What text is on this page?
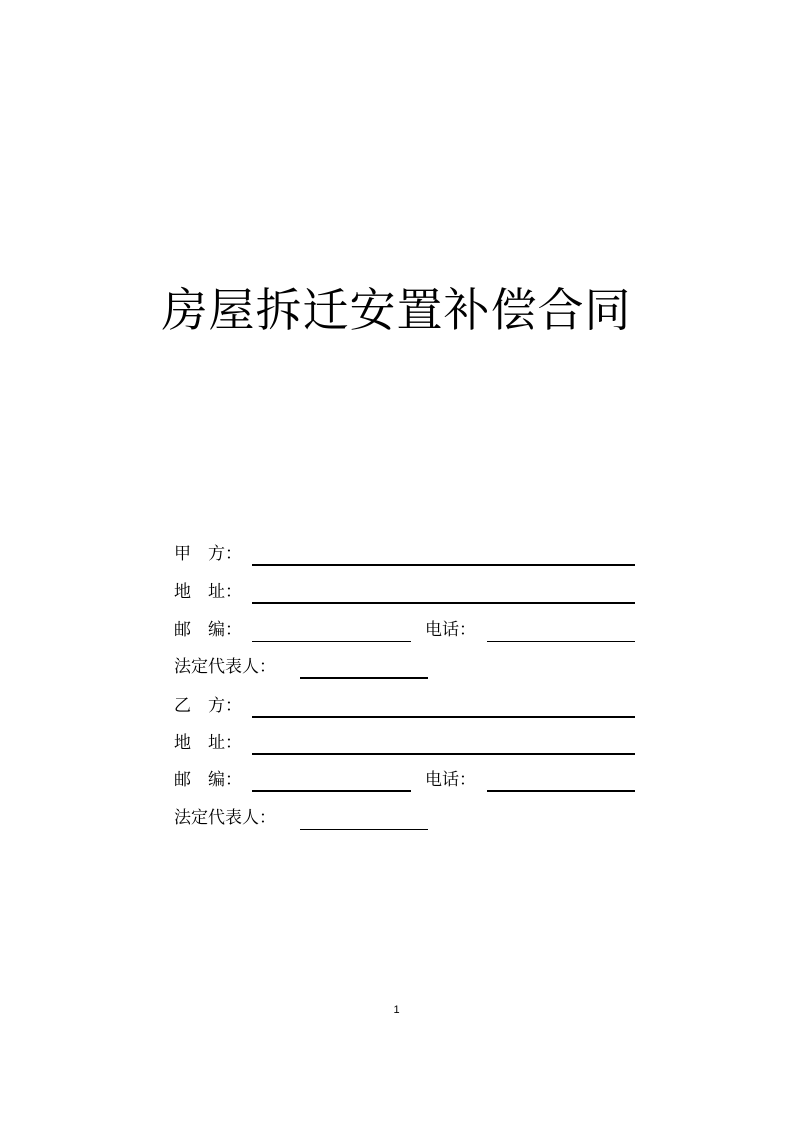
房屋拆迁安置补偿合同
甲 方：
地 址：
邮 编：	电话：
法定代表人：
乙 方：
地 址：
邮 编：	电话：
法定代表人：
1
